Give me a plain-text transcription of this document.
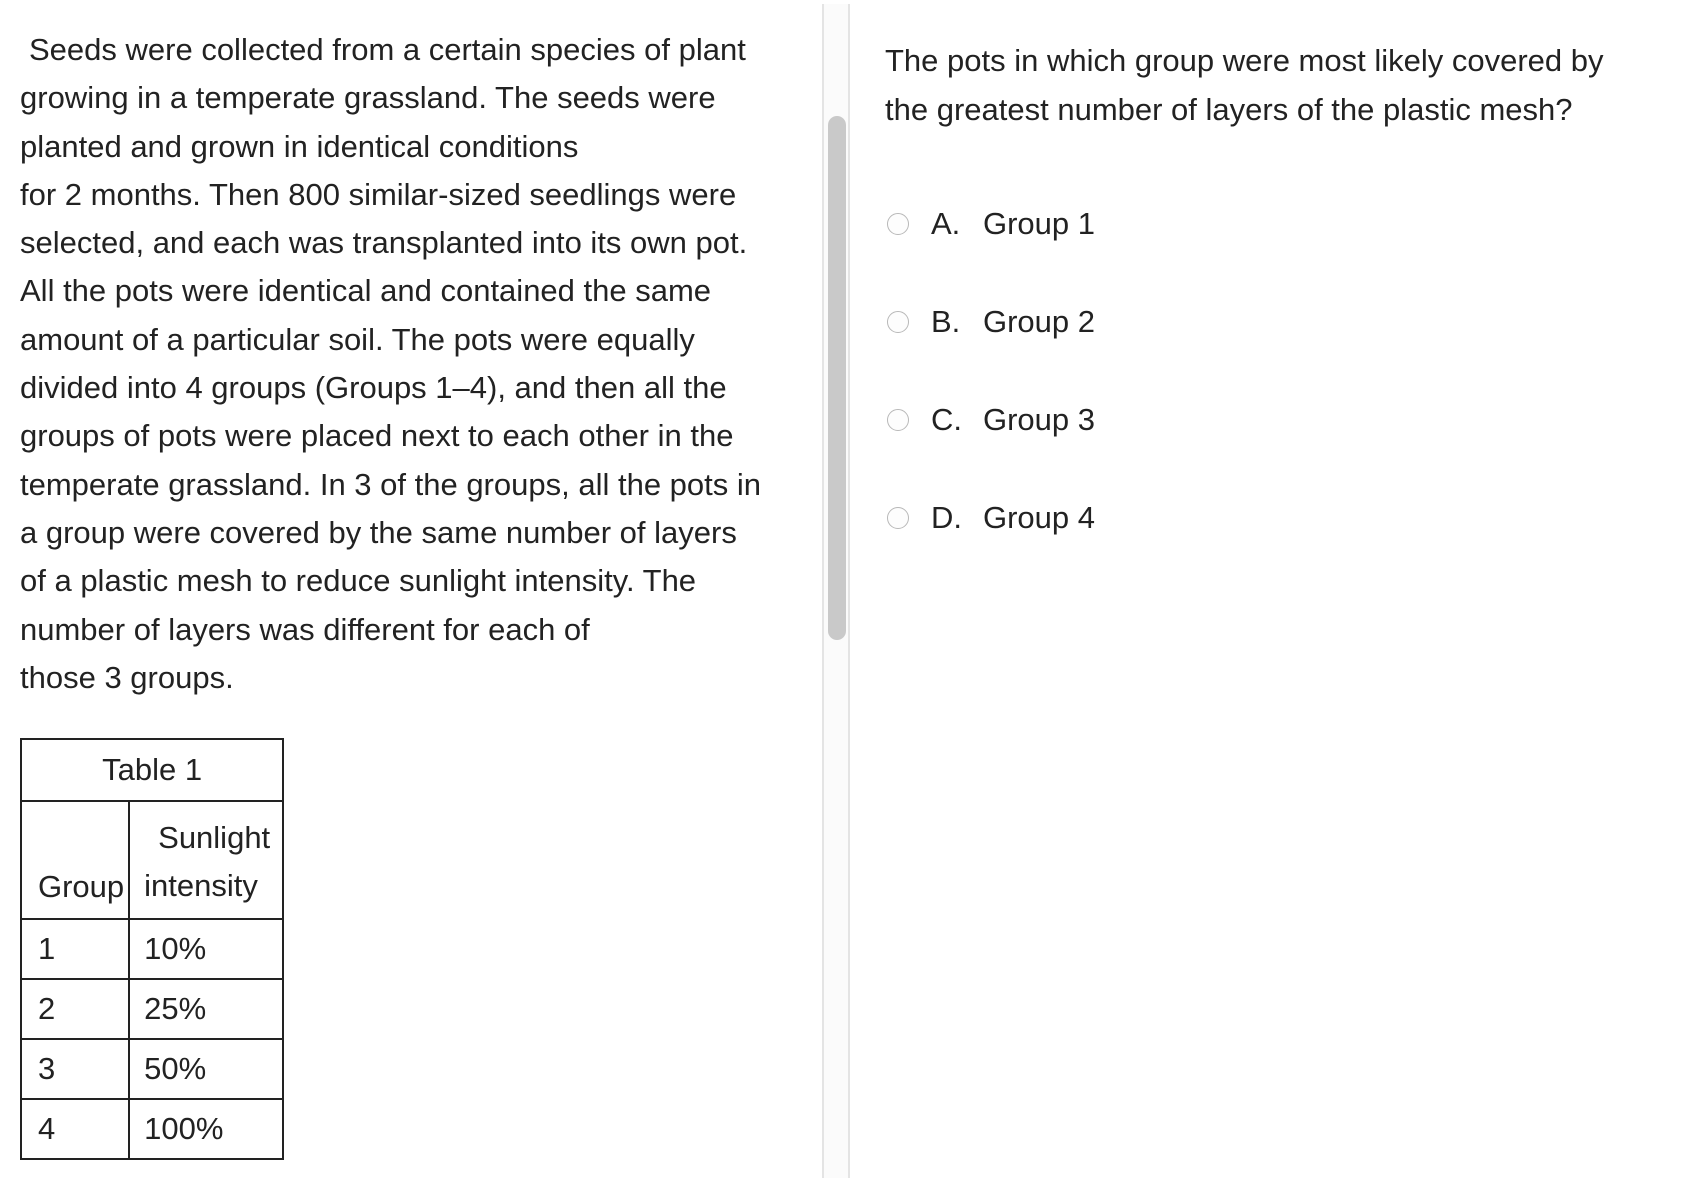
Seeds were collected from a certain species of plant
growing in a temperate grassland. The seeds were
planted and grown in identical conditions
for 2 months. Then 800 similar-sized seedlings were
selected, and each was transplanted into its own pot.
All the pots were identical and contained the same
amount of a particular soil. The pots were equally
divided into 4 groups (Groups 1–4), and then all the
groups of pots were placed next to each other in the
temperate grassland. In 3 of the groups, all the pots in
a group were covered by the same number of layers
of a plastic mesh to reduce sunlight intensity. The
number of layers was different for each of
those 3 groups.
Table 1
Group	Sunlight
intensity

1	10%
2	25%
3	50%
4	100%
The pots in which group were most likely covered by
the greatest number of layers of the plastic mesh?
A. Group 1
B. Group 2
C. Group 3
D. Group 4
